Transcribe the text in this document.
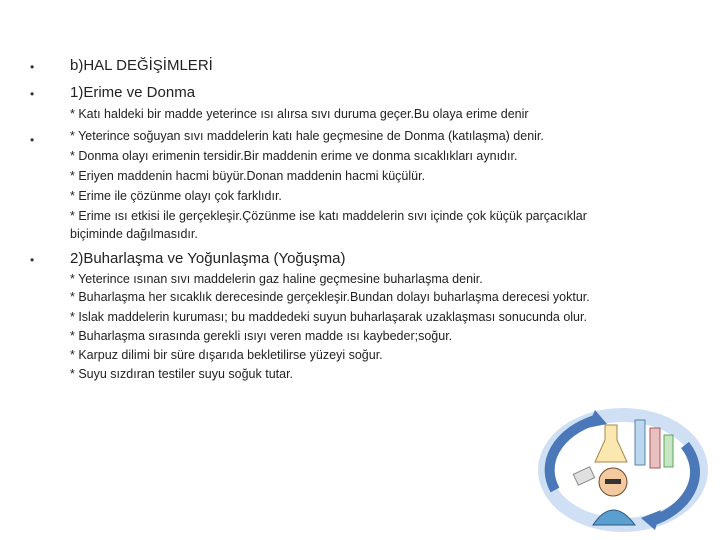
• b)HAL DEĞİŞİMLERİ
• 1)Erime ve Donma
•
* Katı haldeki bir madde yeterince ısı alırsa sıvı duruma geçer.Bu olaya erime denir
* Yeterince soğuyan sıvı maddelerin katı hale geçmesine de Donma (katılaşma) denir.
* Donma olayı erimenin tersidir.Bir maddenin erime ve donma sıcaklıkları aynıdır.
* Eriyen maddenin hacmi büyür.Donan maddenin hacmi küçülür.
* Erime ile çözünme olayı çok farklıdır.
* Erime ısı etkisi ile gerçekleşir.Çözünme ise katı maddelerin sıvı içinde çok küçük parçacıklar
biçiminde dağılmasıdır.
• 2)Buharlaşma ve Yoğunlaşma (Yoğuşma)
* Yeterince ısınan sıvı maddelerin gaz haline geçmesine buharlaşma denir.
* Buharlaşma her sıcaklık derecesinde gerçekleşir.Bundan dolayı buharlaşma derecesi yoktur.
* Islak maddelerin kuruması; bu maddedeki suyun buharlaşarak uzaklaşması sonucunda olur.
* Buharlaşma sırasında gerekli ısıyı veren madde ısı kaybeder;soğur.
* Karpuz dilimi bir süre dışarıda bekletilirse yüzeyi soğur.
* Suyu sızdıran testiler suyu soğuk tutar.
